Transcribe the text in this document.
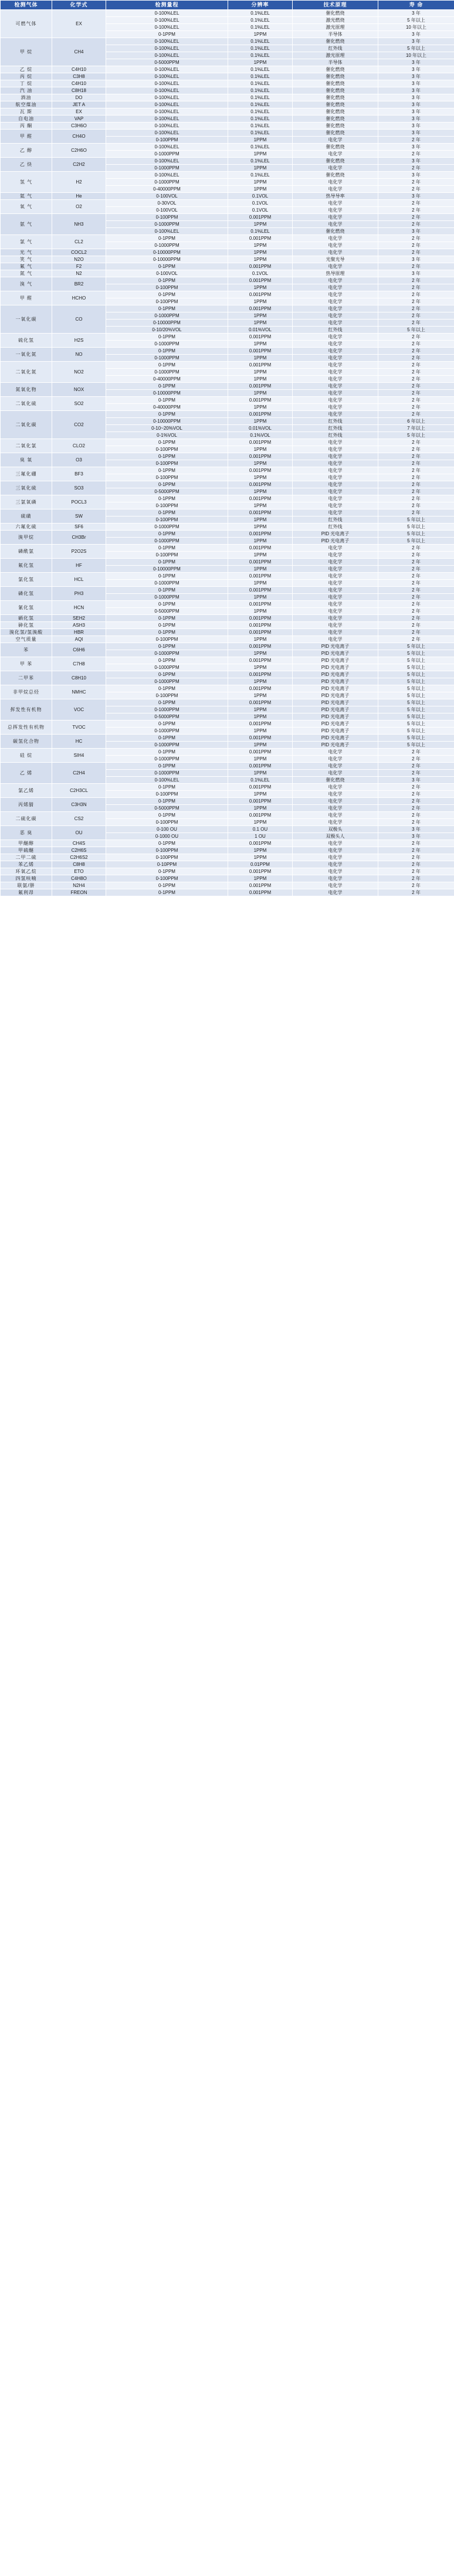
检测气体	化学式	检测量程	分辨率	技术原理	寿 命
可燃气体	EX	0-100%LEL	0.1%LEL	催化燃烧	3 年
		0-100%LEL	0.1%LEL	激光燃烧	5 年以上
		0-100%LEL	0.1%LEL	激光原理	10 年以上
		0-1PPM	1PPM	半导体	3 年
甲 烷	CH4	0-100%LEL	0.1%LEL	催化燃烧	3 年
		0-100%LEL	0.1%LEL	红外线	5 年以上
		0-100%LEL	0.1%LEL	激光原理	10 年以上
		0-5000PPM	1PPM	半导体	3 年
乙 烷	C4H10	0-100%LEL	0.1%LEL	催化燃烧	3 年
丙 烷	C3H8	0-100%LEL	0.1%LEL	催化燃烧	3 年
丁 烷	C4H10	0-100%LEL	0.1%LEL	催化燃烧	3 年
汽 油	C8H18	0-100%LEL	0.1%LEL	催化燃烧	3 年
酒油	DO	0-100%LEL	0.1%LEL	催化燃烧	3 年
航空煤油	JET A	0-100%LEL	0.1%LEL	催化燃烧	3 年
瓦 斯	EX	0-100%LEL	0.1%LEL	催化燃烧	3 年
自电油	VAP	0-100%LEL	0.1%LEL	催化燃烧	3 年
丙 酮	C3H6O	0-100%LEL	0.1%LEL	催化燃烧	3 年
甲 醛	CH4O	0-100%LEL	0.1%LEL	催化燃烧	3 年
		0-100PPM	1PPM	电化学	2 年
乙 醇	C2H6O	0-100%LEL	0.1%LEL	催化燃烧	3 年
		0-1000PPM	1PPM	电化学	2 年
乙 炔	C2H2	0-100%LEL	0.1%LEL	催化燃烧	3 年
		0-1000PPM	1PPM	电化学	2 年
氢 气	H2	0-100%LEL	0.1%LEL	催化燃烧	3 年
		0-1000PPM	1PPM	电化学	2 年
		0-40000PPM	1PPM	电化学	2 年
氦 气	He	0-100VOL	0.1VOL	热导导率	3 年
氧 气	O2	0-30VOL	0.1VOL	电化学	2 年
		0-100VOL	0.1VOL	电化学	2 年
氨 气	NH3	0-100PPM	0.001PPM	电化学	2 年
		0-1000PPM	1PPM	电化学	2 年
		0-100%LEL	0.1%LEL	催化燃烧	3 年
氯 气	CL2	0-1PPM	0.001PPM	电化学	2 年
		0-1000PPM	1PPM	电化学	2 年
光 气	COCL2	0-10000PPM	1PPM	电化学	2 年
笑 气	N2O	0-10000PPM	1PPM	光聚光导	3 年
氟 气	F2	0-1PPM	0.001PPM	电化学	2 年
氮 气	N2	0-100VOL	0.1VOL	热导原理	3 年
溴 气	BR2	0-1PPM	0.001PPM	电化学	2 年
		0-100PPM	1PPM	电化学	2 年
甲 醛	HCHO	0-1PPM	0.001PPM	电化学	2 年
		0-100PPM	1PPM	电化学	2 年
一氧化碳	CO	0-1PPM	0.001PPM	电化学	2 年
		0-1000PPM	1PPM	电化学	2 年
		0-10000PPM	1PPM	电化学	2 年
		0-10/20%VOL	0.01%VOL	红外线	5 年以上
硫化氢	H2S	0-1PPM	0.001PPM	电化学	2 年
		0-1000PPM	1PPM	电化学	2 年
一氧化氮	NO	0-1PPM	0.001PPM	电化学	2 年
		0-1000PPM	1PPM	电化学	2 年
二氧化氮	NO2	0-1PPM	0.001PPM	电化学	2 年
		0-1000PPM	1PPM	电化学	2 年
		0-40000PPM	1PPM	电化学	2 年
氮氧化物	NOX	0-1PPM	0.001PPM	电化学	2 年
		0-10000PPM	1PPM	电化学	2 年
二氧化硫	SO2	0-1PPM	0.001PPM	电化学	2 年
		0-40000PPM	1PPM	电化学	2 年
二氧化碳	CO2	0-1PPM	0.001PPM	电化学	2 年
		0-10000PPM	1PPM	红外线	6 年以上
		0-10~20%VOL	0.01%VOL	红外线	7 年以上
		0-1%VOL	0.1%VOL	红外线	5 年以上
二氧化氯	CLO2	0-1PPM	0.001PPM	电化学	2 年
		0-100PPM	1PPM	电化学	2 年
臭 氧	O3	0-1PPM	0.001PPM	电化学	2 年
		0-100PPM	1PPM	电化学	2 年
三氟化硼	BF3	0-1PPM	0.001PPM	电化学	2 年
		0-100PPM	1PPM	电化学	2 年
三氧化硫	SO3	0-1PPM	0.001PPM	电化学	2 年
		0-5000PPM	1PPM	电化学	2 年
三氯氧磷	POCL3	0-1PPM	0.001PPM	电化学	2 年
		0-100PPM	1PPM	电化学	2 年
硫磺	SW	0-1PPM	0.001PPM	电化学	2 年
		0-100PPM	1PPM	红外线	5 年以上
六氟化硫	SF6	0-1000PPM	1PPM	红外线	5 年以上
溴甲烷	CH3Br	0-1PPM	0.001PPM	PID 光电离子	5 年以上
		0-1000PPM	1PPM	PID 光电离子	5 年以上
磷酰氯	P2O2S	0-1PPM	0.001PPM	电化学	2 年
		0-100PPM	1PPM	电化学	2 年
氟化氢	HF	0-1PPM	0.001PPM	电化学	2 年
		0-10000PPM	1PPM	电化学	2 年
氯化氢	HCL	0-1PPM	0.001PPM	电化学	2 年
		0-1000PPM	1PPM	电化学	2 年
磷化氢	PH3	0-1PPM	0.001PPM	电化学	2 年
		0-1000PPM	1PPM	电化学	2 年
氰化氢	HCN	0-1PPM	0.001PPM	电化学	2 年
		0-5000PPM	1PPM	电化学	2 年
硒化氢	SEH2	0-1PPM	0.001PPM	电化学	2 年
砷化氢	ASH3	0-1PPM	0.001PPM	电化学	2 年
溴化氢/氢溴酸	HBR	0-1PPM	0.001PPM	电化学	2 年
空气质量	AQI	0-100PPM	1PPM	电化学	2 年
苯	C6H6	0-1PPM	0.001PPM	PID 光电离子	5 年以上
		0-1000PPM	1PPM	PID 光电离子	5 年以上
甲 苯	C7H8	0-1PPM	0.001PPM	PID 光电离子	5 年以上
		0-1000PPM	1PPM	PID 光电离子	5 年以上
二甲苯	C8H10	0-1PPM	0.001PPM	PID 光电离子	5 年以上
		0-1000PPM	1PPM	PID 光电离子	5 年以上
非甲烷总烃	NMHC	0-1PPM	0.001PPM	PID 光电离子	5 年以上
		0-100PPM	1PPM	PID 光电离子	5 年以上
挥发性有机物	VOC	0-1PPM	0.001PPM	PID 光电离子	5 年以上
		0-1000PPM	1PPM	PID 光电离子	5 年以上
		0-5000PPM	1PPM	PID 光电离子	5 年以上
总挥发性有机物	TVOC	0-1PPM	0.001PPM	PID 光电离子	5 年以上
		0-1000PPM	1PPM	PID 光电离子	5 年以上
碳氢化合物	HC	0-1PPM	0.001PPM	PID 光电离子	5 年以上
		0-1000PPM	1PPM	PID 光电离子	5 年以上
硅 烷	SIH4	0-1PPM	0.001PPM	电化学	2 年
		0-1000PPM	1PPM	电化学	2 年
乙 烯	C2H4	0-1PPM	0.001PPM	电化学	2 年
		0-1000PPM	1PPM	电化学	2 年
		0-100%LEL	0.1%LEL	催化燃烧	3 年
氯乙烯	C2H3CL	0-1PPM	0.001PPM	电化学	2 年
		0-100PPM	1PPM	电化学	2 年
丙烯腈	C3H3N	0-1PPM	0.001PPM	电化学	2 年
		0-5000PPM	1PPM	电化学	2 年
二硫化碳	CS2	0-1PPM	0.001PPM	电化学	2 年
		0-100PPM	1PPM	电化学	2 年
恶 臭	OU	0-100 OU	0.1 OU	双极头	3 年
		0-1000 OU	1 OU	双极头人	3 年
甲醚醇	CH4S	0-1PPM	0.001PPM	电化学	2 年
甲硫醚	C2H6S	0-100PPM	1PPM	电化学	2 年
二甲二硫	C2H6S2	0-100PPM	1PPM	电化学	2 年
苯乙烯	C8H8	0-10PPM	0.01PPM	电化学	2 年
环氧乙烷	ETO	0-1PPM	0.001PPM	电化学	2 年
四氢呋喃	C4H8O	0-100PPM	1PPM	电化学	2 年
联氨/肼	N2H4	0-1PPM	0.001PPM	电化学	2 年
氟利昂	FREON	0-1PPM	0.001PPM	电化学	2 年
